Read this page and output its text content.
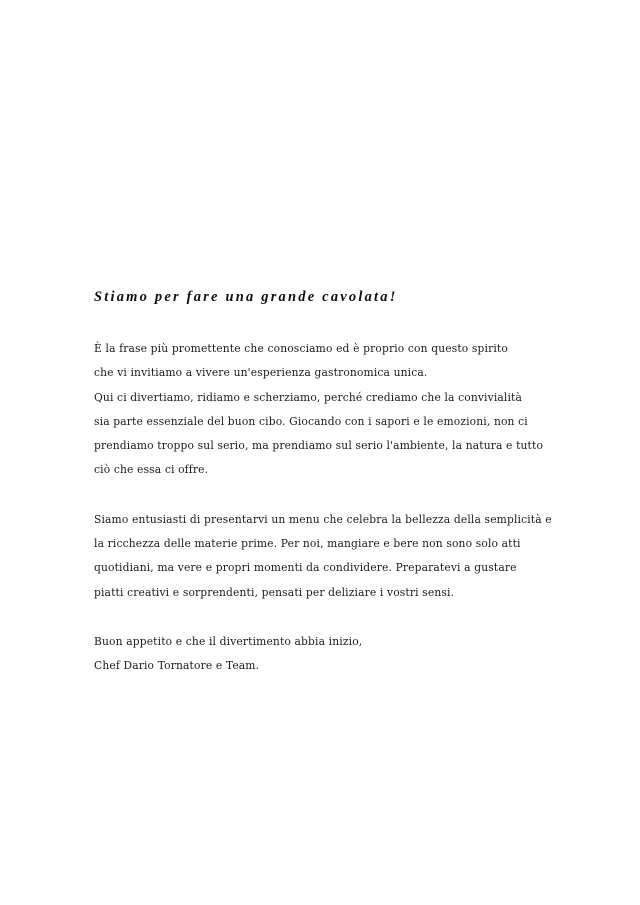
Stiamo per fare una grande cavolata!
È la frase più promettente che conosciamo ed è proprio con questo spirito
che vi invitiamo a vivere un'esperienza gastronomica unica.
Qui ci divertiamo, ridiamo e scherziamo, perché crediamo che la convivialità
sia parte essenziale del buon cibo. Giocando con i sapori e le emozioni, non ci
prendiamo troppo sul serio, ma prendiamo sul serio l'ambiente, la natura e tutto
ciò che essa ci offre.
Siamo entusiasti di presentarvi un menu che celebra la bellezza della semplicità e
la ricchezza delle materie prime. Per noi, mangiare e bere non sono solo atti
quotidiani, ma vere e propri momenti da condividere. Preparatevi a gustare
piatti creativi e sorprendenti, pensati per deliziare i vostri sensi.
Buon appetito e che il divertimento abbia inizio,
Chef Dario Tornatore e Team.
